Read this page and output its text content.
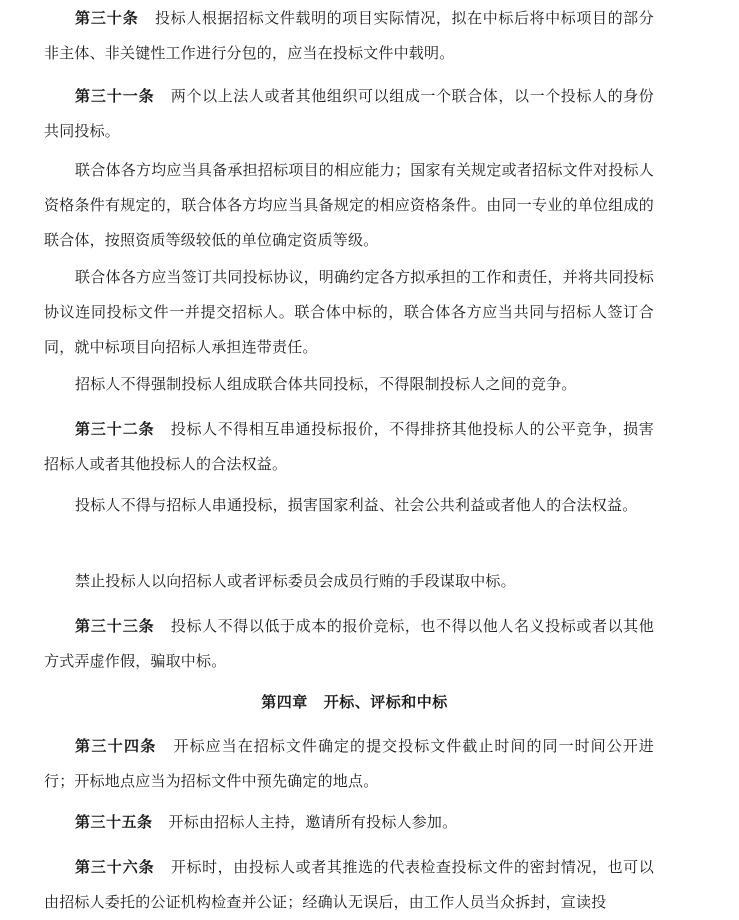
第三十条 投标人根据招标文件载明的项目实际情况，拟在中标后将中标项目的部分非主体、非关键性工作进行分包的，应当在投标文件中载明。

第三十一条 两个以上法人或者其他组织可以组成一个联合体，以一个投标人的身份共同投标。

联合体各方均应当具备承担招标项目的相应能力；国家有关规定或者招标文件对投标人资格条件有规定的，联合体各方均应当具备规定的相应资格条件。由同一专业的单位组成的联合体，按照资质等级较低的单位确定资质等级。

联合体各方应当签订共同投标协议，明确约定各方拟承担的工作和责任，并将共同投标协议连同投标文件一并提交招标人。联合体中标的，联合体各方应当共同与招标人签订合同，就中标项目向招标人承担连带责任。

招标人不得强制投标人组成联合体共同投标，不得限制投标人之间的竞争。

第三十二条 投标人不得相互串通投标报价，不得排挤其他投标人的公平竞争，损害招标人或者其他投标人的合法权益。

投标人不得与招标人串通投标，损害国家利益、社会公共利益或者他人的合法权益。

禁止投标人以向招标人或者评标委员会成员行贿的手段谋取中标。

第三十三条 投标人不得以低于成本的报价竞标，也不得以他人名义投标或者以其他方式弄虚作假，骗取中标。

第四章 开标、评标和中标

第三十四条 开标应当在招标文件确定的提交投标文件截止时间的同一时间公开进行；开标地点应当为招标文件中预先确定的地点。

第三十五条 开标由招标人主持，邀请所有投标人参加。

第三十六条 开标时，由投标人或者其推选的代表检查投标文件的密封情况，也可以由招标人委托的公证机构检查并公证；经确认无误后，由工作人员当众拆封，宣读投
